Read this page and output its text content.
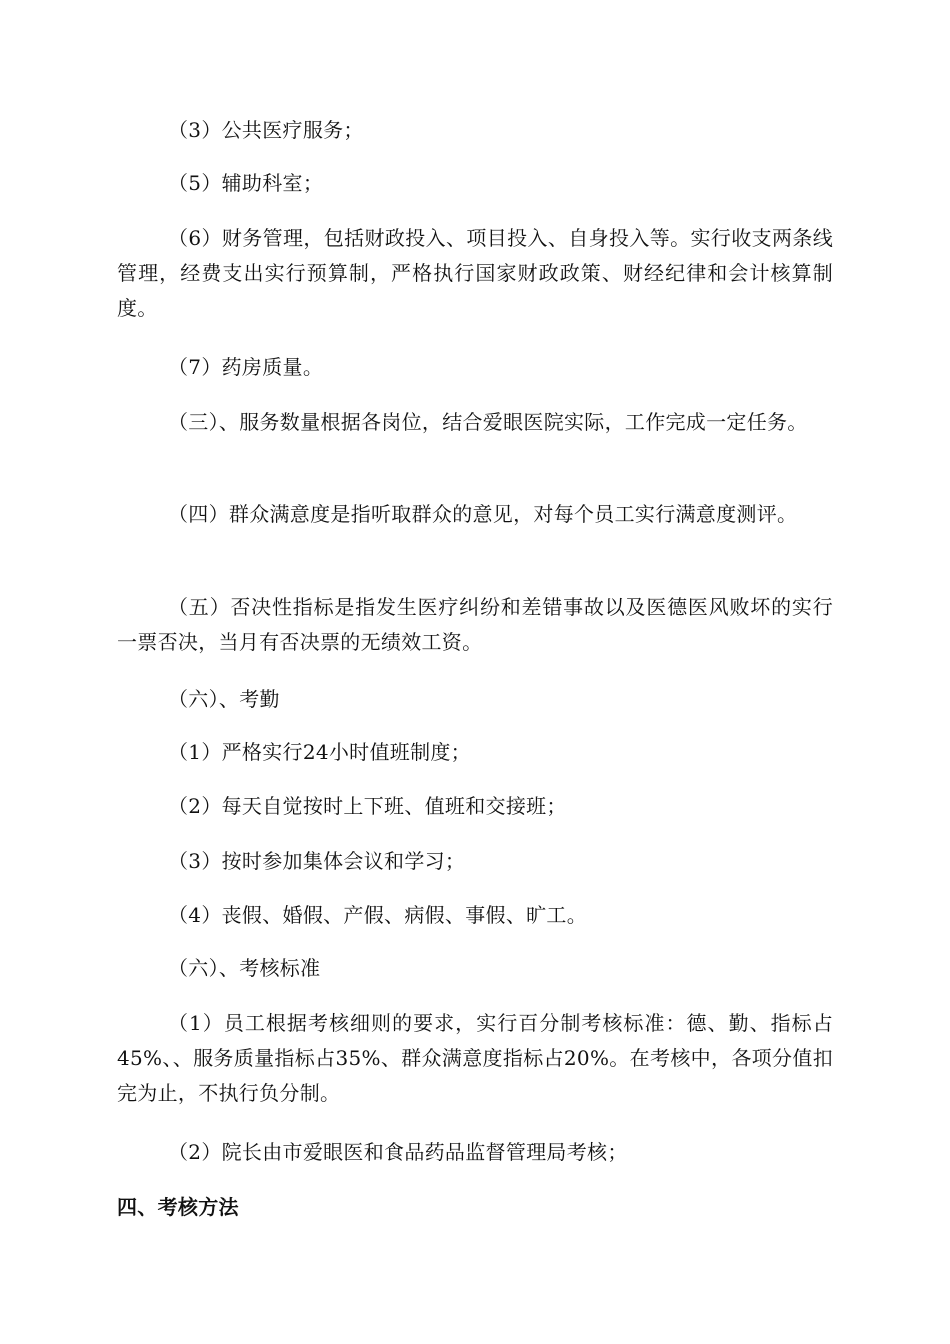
（3）公共医疗服务；

（5）辅助科室；

（6）财务管理，包括财政投入、项目投入、自身投入等。实行收支两条线管理，经费支出实行预算制，严格执行国家财政政策、财经纪律和会计核算制度。

（7）药房质量。

（三）、服务数量根据各岗位，结合爱眼医院实际，工作完成一定任务。

（四）群众满意度是指听取群众的意见，对每个员工实行满意度测评。

（五）否决性指标是指发生医疗纠纷和差错事故以及医德医风败坏的实行一票否决，当月有否决票的无绩效工资。

（六）、考勤

（1）严格实行24小时值班制度；

（2）每天自觉按时上下班、值班和交接班；

（3）按时参加集体会议和学习；

（4）丧假、婚假、产假、病假、事假、旷工。

（六）、考核标准

（1）员工根据考核细则的要求，实行百分制考核标准：德、勤、指标占45%、、服务质量指标占35%、群众满意度指标占20%。在考核中，各项分值扣完为止，不执行负分制。

（2）院长由市爱眼医和食品药品监督管理局考核；

四、考核方法
